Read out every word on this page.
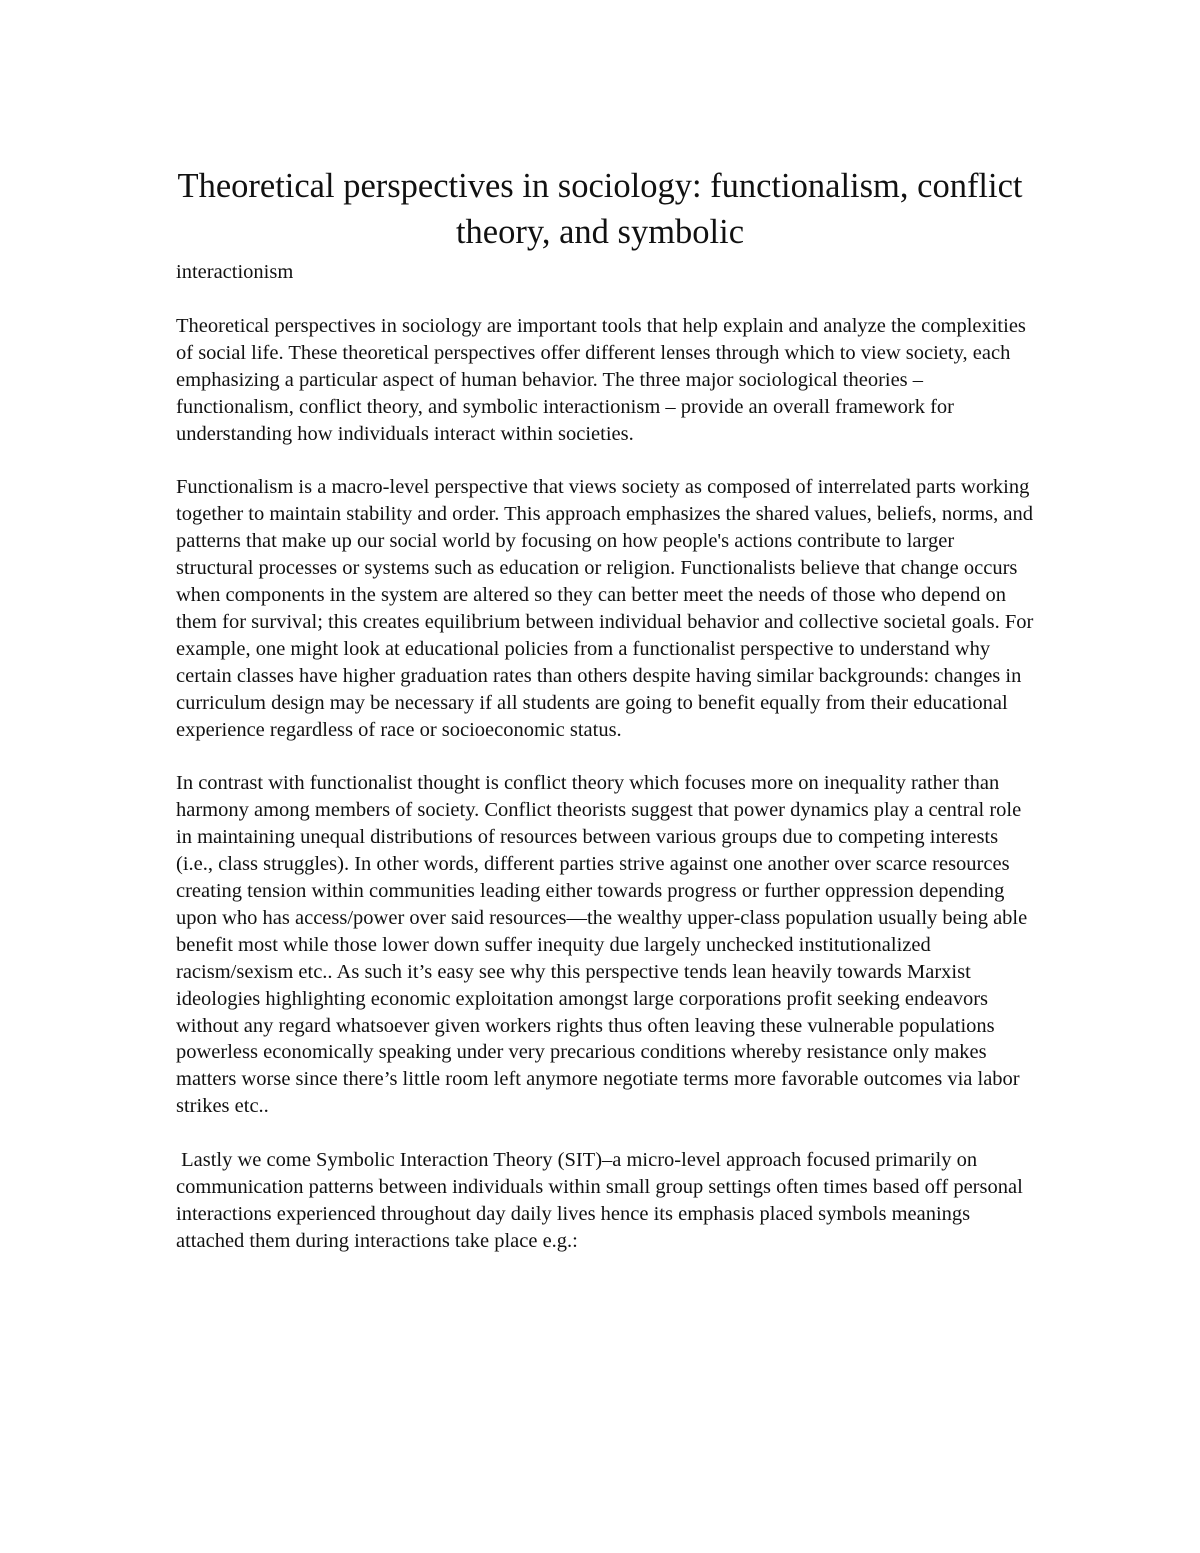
Theoretical perspectives in sociology: functionalism, conflict theory, and symbolic
interactionism

Theoretical perspectives in sociology are important tools that help explain and analyze the complexities of social life. These theoretical perspectives offer different lenses through which to view society, each emphasizing a particular aspect of human behavior. The three major sociological theories – functionalism, conflict theory, and symbolic interactionism – provide an overall framework for understanding how individuals interact within societies.

Functionalism is a macro-level perspective that views society as composed of interrelated parts working together to maintain stability and order. This approach emphasizes the shared values, beliefs, norms, and patterns that make up our social world by focusing on how people's actions contribute to larger structural processes or systems such as education or religion. Functionalists believe that change occurs when components in the system are altered so they can better meet the needs of those who depend on them for survival; this creates equilibrium between individual behavior and collective societal goals. For example, one might look at educational policies from a functionalist perspective to understand why certain classes have higher graduation rates than others despite having similar backgrounds: changes in curriculum design may be necessary if all students are going to benefit equally from their educational experience regardless of race or socioeconomic status.

In contrast with functionalist thought is conflict theory which focuses more on inequality rather than harmony among members of society. Conflict theorists suggest that power dynamics play a central role in maintaining unequal distributions of resources between various groups due to competing interests (i.e., class struggles). In other words, different parties strive against one another over scarce resources creating tension within communities leading either towards progress or further oppression depending upon who has access/power over said resources—the wealthy upper-class population usually being able benefit most while those lower down suffer inequity due largely unchecked institutionalized racism/sexism etc.. As such it’s easy see why this perspective tends lean heavily towards Marxist ideologies highlighting economic exploitation amongst large corporations profit seeking endeavors without any regard whatsoever given workers rights thus often leaving these vulnerable populations powerless economically speaking under very precarious conditions whereby resistance only makes matters worse since there’s little room left anymore negotiate terms more favorable outcomes via labor strikes etc..

Lastly we come Symbolic Interaction Theory (SIT)–a micro-level approach focused primarily on communication patterns between individuals within small group settings often times based off personal interactions experienced throughout day daily lives hence its emphasis placed symbols meanings attached them during interactions take place e.g.:
